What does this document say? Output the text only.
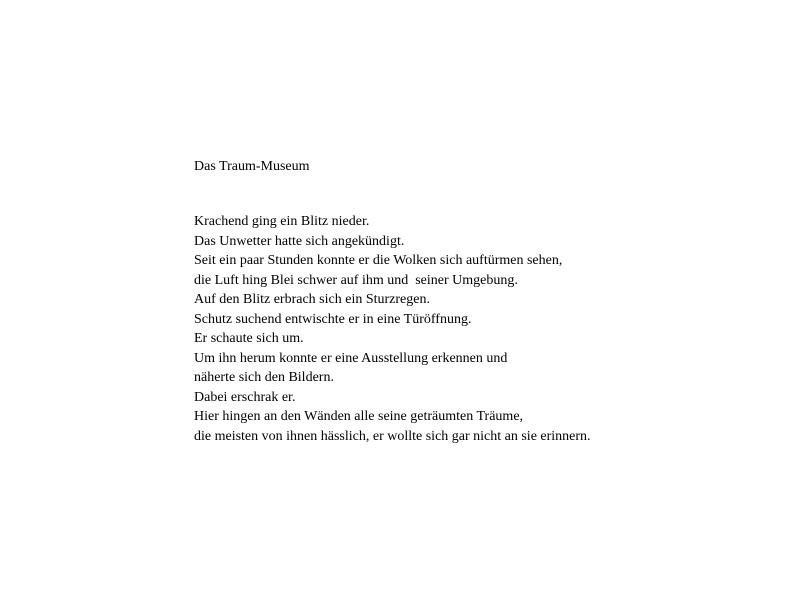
Das Traum-Museum
Krachend ging ein Blitz nieder.
Das Unwetter hatte sich angekündigt.
Seit ein paar Stunden konnte er die Wolken sich auftürmen sehen,
die Luft hing Blei schwer auf ihm und  seiner Umgebung.
Auf den Blitz erbrach sich ein Sturzregen.
Schutz suchend entwischte er in eine Türöffnung.
Er schaute sich um.
Um ihn herum konnte er eine Ausstellung erkennen und
näherte sich den Bildern.
Dabei erschrak er.
Hier hingen an den Wänden alle seine geträumten Träume,
die meisten von ihnen hässlich, er wollte sich gar nicht an sie erinnern.
